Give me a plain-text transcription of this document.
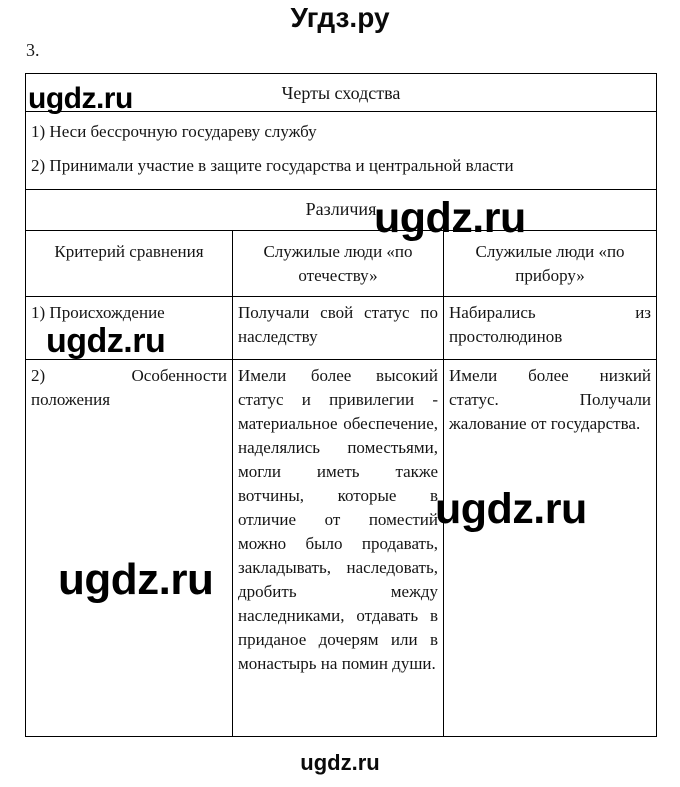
Угдз.ру
3.
Черты сходства		

1) Неси бессрочную государеву службу

2) Принимали участие в защите государства и центральной власти		

Различия		
Критерий сравнения	Служилые люди «по отечеству»	Служилые люди «по прибору»
1) Происхождение	Получали свой статус по наследству	Набирались из простолюдинов
2) Особенности положения	Имели более высокий статус и привилегии - материальное обеспечение, наделялись поместьями, могли иметь также вотчины, которые в отличие от поместий можно было продавать, закладывать, наследовать, дробить между наследниками, отдавать в приданое дочерям или в монастырь на помин души.	Имели более низкий статус. Получали жалование от государства.
ugdz.ru
ugdz.ru
ugdz.ru
ugdz.ru
ugdz.ru
ugdz.ru
